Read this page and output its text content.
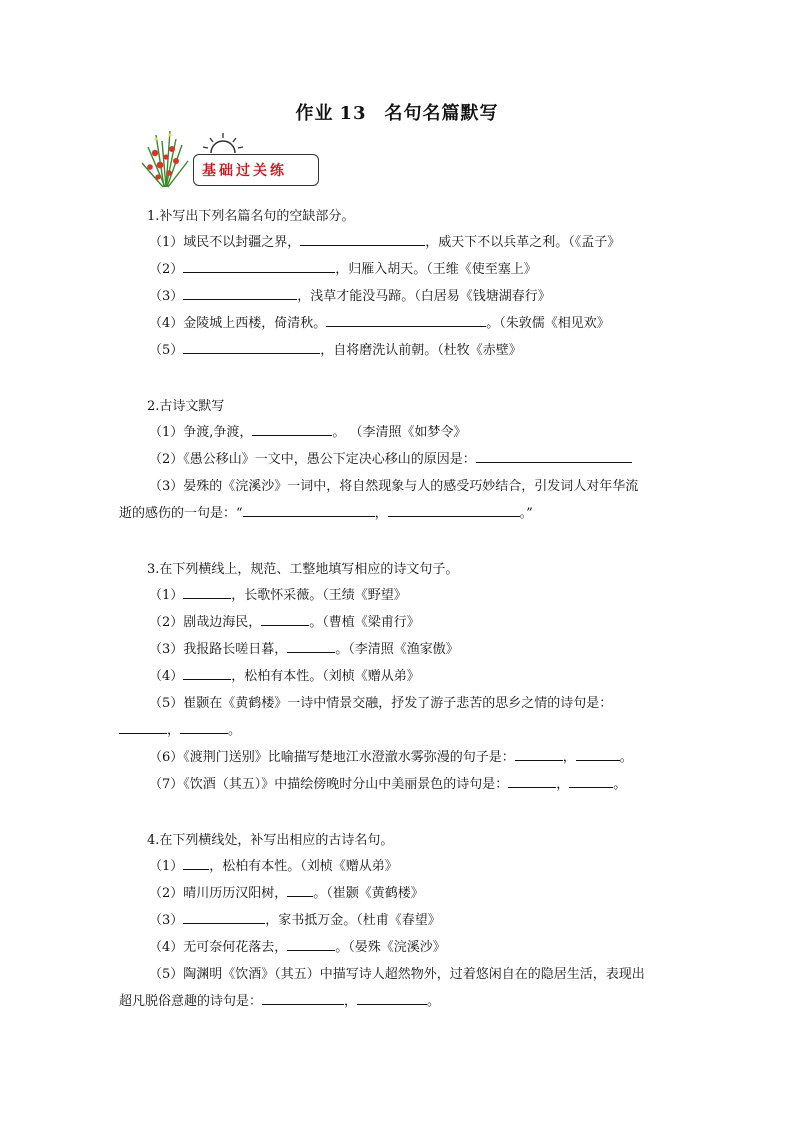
作业 13 名句名篇默写
基础过关练
1.补写出下列名篇名句的空缺部分。
（1）域民不以封疆之界，	，威天下不以兵革之利。（《孟子》
（2）	，归雁入胡天。（王维《使至塞上》
（3）	，浅草才能没马蹄。（白居易《钱塘湖春行》
（4）金陵城上西楼，倚清秋。	。（朱敦儒《相见欢》
（5）	，自将磨洗认前朝。（杜牧《赤壁》
2.古诗文默写
（1）争渡,争渡，	。 （李清照《如梦令》
（2）《愚公移山》一文中，愚公下定决心移山的原因是：
（3）晏殊的《浣溪沙》一词中，将自然现象与人的感受巧妙结合，引发词人对年华流
逝的感伤的一句是：“	，	。”
3.在下列横线上，规范、工整地填写相应的诗文句子。
（1）	，长歌怀采薇。（王绩《野望》
（2）剧哉边海民，	。（曹植《梁甫行》
（3）我报路长嗟日暮，	。（李清照《渔家傲》
（4）	，松柏有本性。（刘桢《赠从弟》
（5）崔颢在《黄鹤楼》一诗中情景交融，抒发了游子悲苦的思乡之情的诗句是：
，	。
（6）《渡荆门送别》比喻描写楚地江水澄澈水雾弥漫的句子是：	，	。
（7）《饮酒（其五）》中描绘傍晚时分山中美丽景色的诗句是：	，	。
4.在下列横线处，补写出相应的古诗名句。
（1） ，松柏有本性。（刘桢《赠从弟》
（2）晴川历历汉阳树， 。（崔颢《黄鹤楼》
（3）	，家书抵万金。（杜甫《春望》
（4）无可奈何花落去，	。（晏殊《浣溪沙》
（5）陶渊明《饮酒》（其五）中描写诗人超然物外，过着悠闲自在的隐居生活，表现出
超凡脱俗意趣的诗句是：	，	。
